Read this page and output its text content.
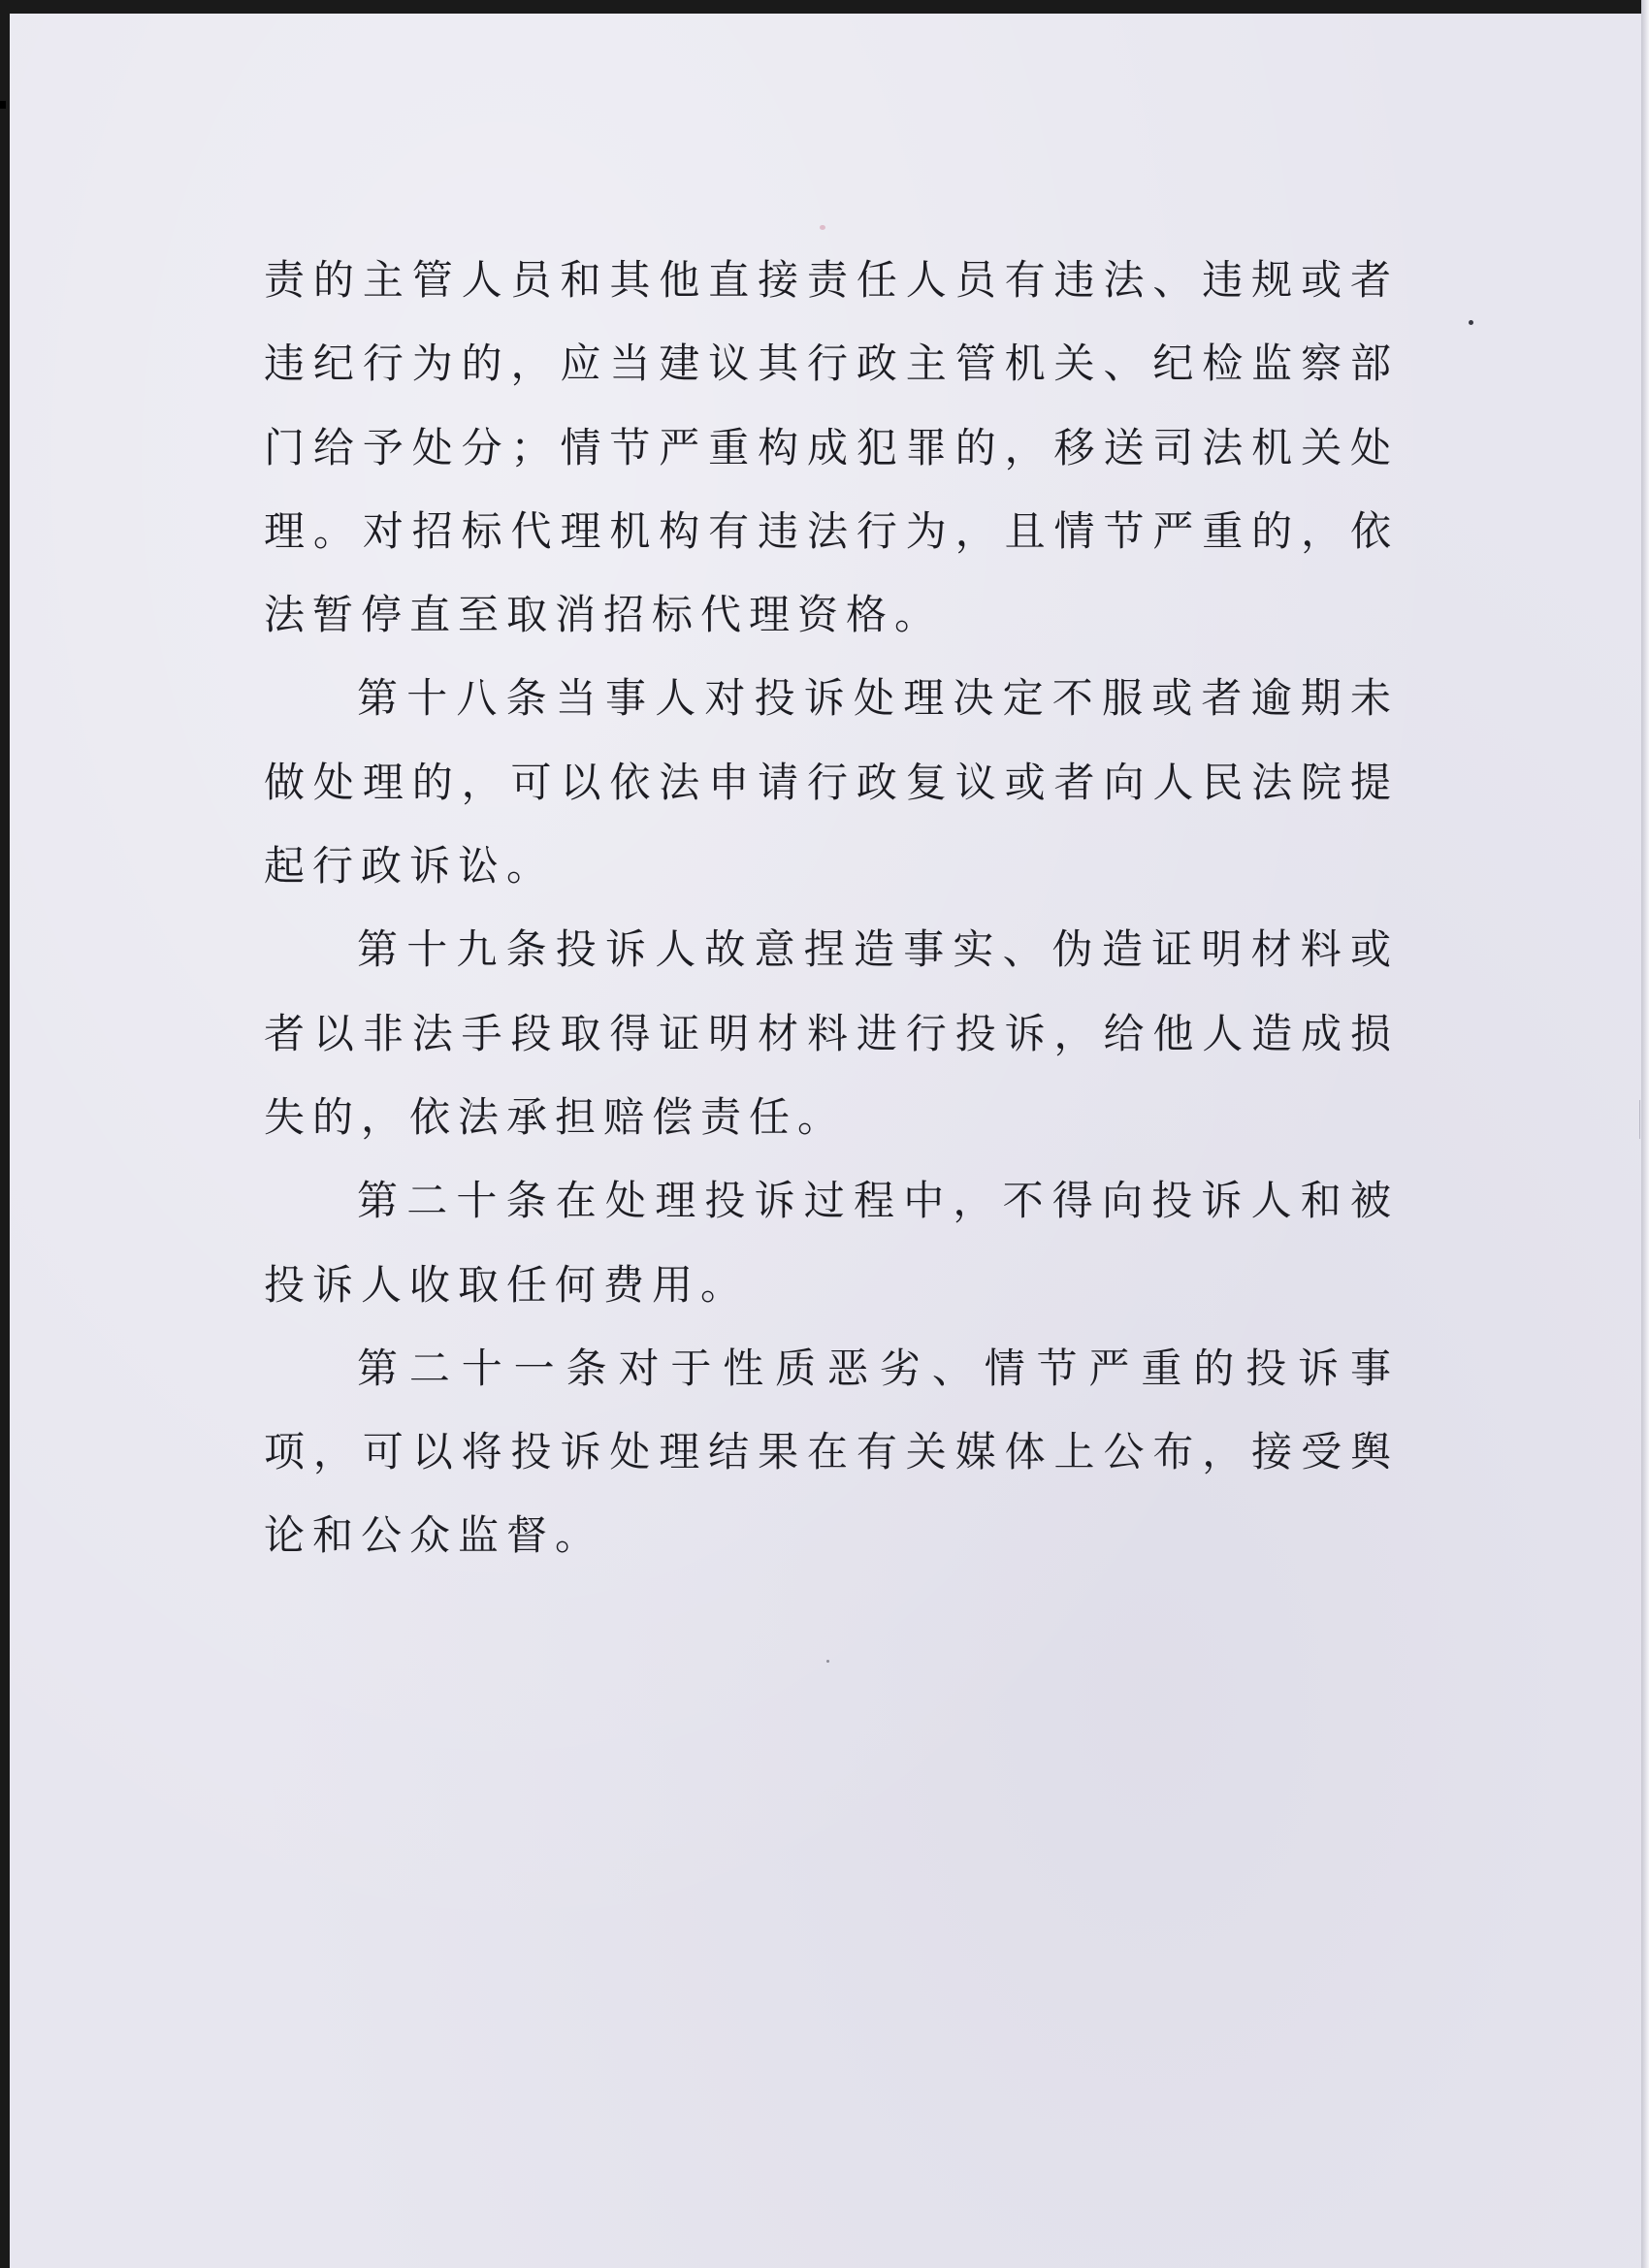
责的主管人员和其他直接责任人员有违法、违规或者违纪行为的，应当建议其行政主管机关、纪检监察部门给予处分；情节严重构成犯罪的，移送司法机关处理。对招标代理机构有违法行为，且情节严重的，依法暂停直至取消招标代理资格。

第十八条当事人对投诉处理决定不服或者逾期未做处理的，可以依法申请行政复议或者向人民法院提起行政诉讼。

第十九条投诉人故意捏造事实、伪造证明材料或者以非法手段取得证明材料进行投诉，给他人造成损失的，依法承担赔偿责任。

第二十条在处理投诉过程中，不得向投诉人和被投诉人收取任何费用。

第二十一条对于性质恶劣、情节严重的投诉事项，可以将投诉处理结果在有关媒体上公布，接受舆论和公众监督。
